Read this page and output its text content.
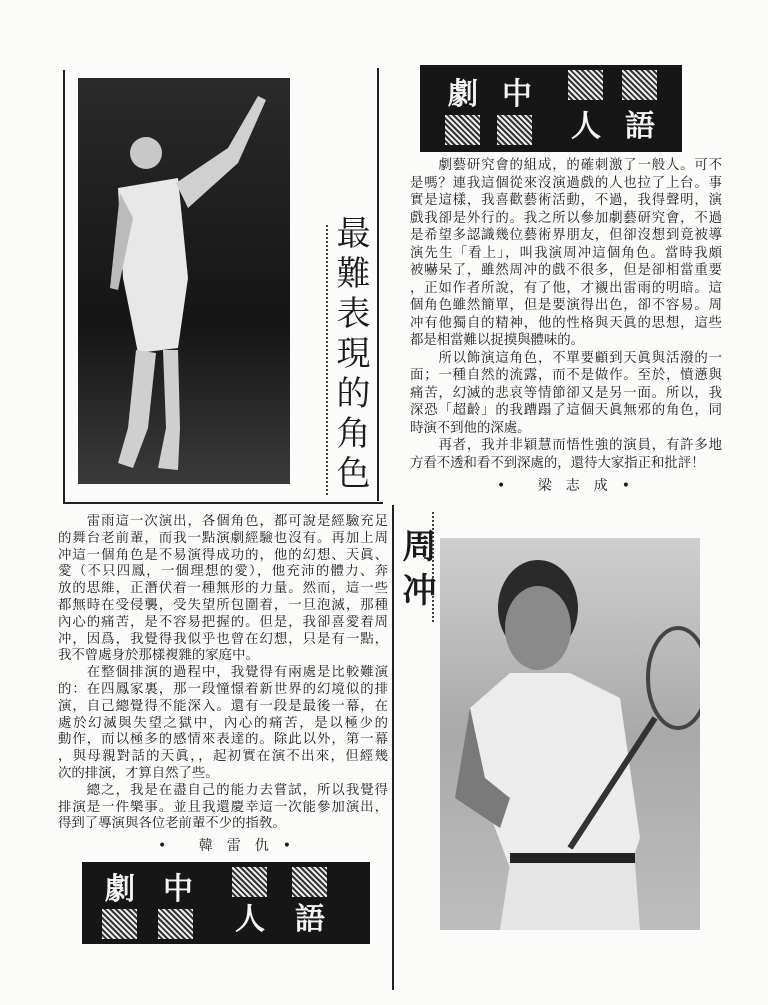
最難表現的角色
劇 中
人 語
　　劇藝研究會的組成，的確刺激了一般人。可不
是嗎？連我這個從來沒演過戲的人也拉了上台。事
實是這樣，我喜歡藝術活動，不過，我得聲明，演
戲我卻是外行的。我之所以參加劇藝研究會，不過
是希望多認識幾位藝術界朋友，但卻沒想到竟被導
演先生「看上」，叫我演周冲這個角色。當時我頗
被嚇呆了，雖然周冲的戲不很多，但是卻相當重要
，正如作者所說，有了他，才襯出雷雨的明暗。這
個角色雖然簡單，但是要演得出色，卻不容易。周
冲有他獨自的精神，他的性格與天眞的思想，這些
都是相當難以捉摸與體味的。
　　所以飾演這角色，不單要顧到天眞與活潑的一
面；一種自然的流露，而不是做作。至於，憤懣與
痛苦，幻滅的悲哀等情節卻又是另一面。所以，我
深恐「超齡」的我蹧蹋了這個天眞無邪的角色，同
時演不到他的深處。
　　再者，我并非穎慧而悟性強的演員，有許多地
方看不透和看不到深處的，還待大家指正和批評！
• 梁志成•
　　雷雨這一次演出，各個角色，都可說是經驗充足
的舞台老前輩，而我一點演劇經驗也沒有。再加上周
冲這一個角色是不易演得成功的，他的幻想、天眞、
愛（不只四鳳，一個理想的愛），他充沛的體力、奔
放的思維，正潛伏着一種無形的力量。然而，這一些
都無時在受侵襲，受失望所包圍着，一旦泡滅，那種
內心的痛苦，是不容易把握的。但是，我卻喜愛着周
冲，因爲，我覺得我似乎也曾在幻想，只是有一點，
我不曾處身於那樣複雜的家庭中。
　　在整個排演的過程中，我覺得有兩處是比較難演
的：在四鳳家裏，那一段憧憬着新世界的幻境似的排
演，自己總覺得不能深入。還有一段是最後一幕，在
處於幻滅與失望之獄中，內心的痛苦，是以極少的
動作，而以極多的感情來表達的。除此以外，第一幕
，與母親對話的天眞，，起初實在演不出來，但經幾
次的排演，才算自然了些。
　　總之，我是在盡自己的能力去嘗試，所以我覺得
排演是一件樂事。並且我還慶幸這一次能參加演出，
得到了導演與各位老前輩不少的指敎。
• 韓雷仇•
劇 中
人 語
周冲
